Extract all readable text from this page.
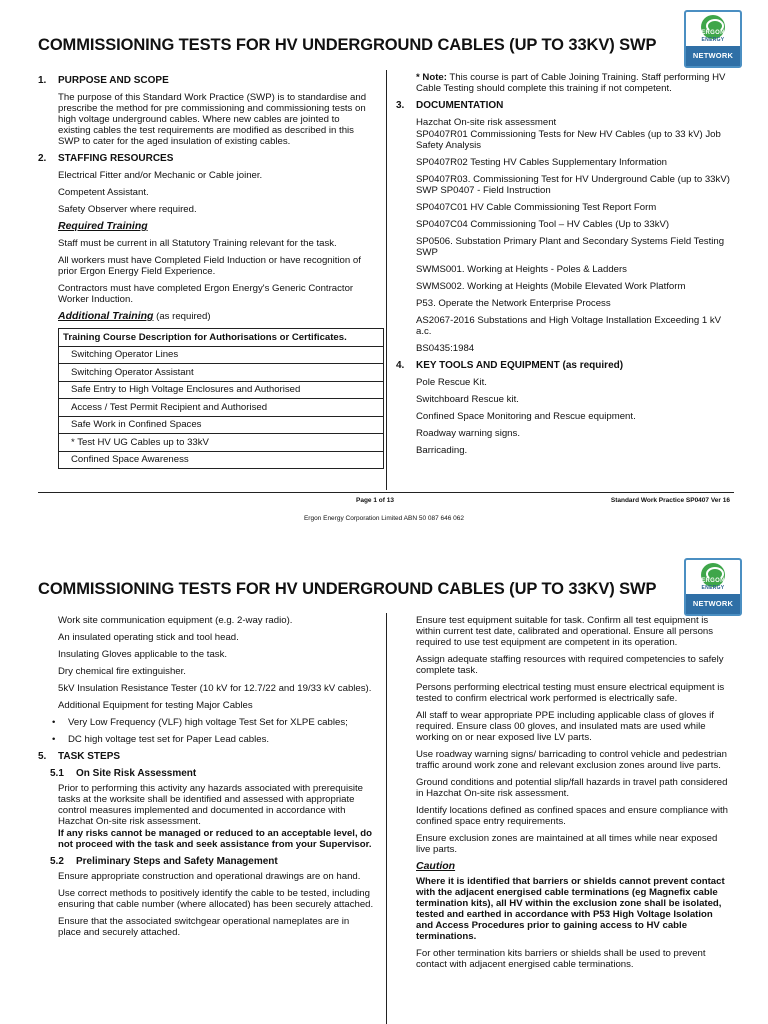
COMMISSIONING TESTS FOR HV UNDERGROUND CABLES (UP TO 33KV) SWP
ERGON
ENERGY
NETWORK
1. PURPOSE AND SCOPE

The purpose of this Standard Work Practice (SWP) is to standardise and prescribe the method for pre commissioning and commissioning tests on high voltage underground cables. Where new cables are jointed to existing cables the test requirements are modified as described in this SWP to cater for the aged insulation of existing cables.

2. STAFFING RESOURCES

Electrical Fitter and/or Mechanic or Cable joiner.

Competent Assistant.

Safety Observer where required.

Required Training

Staff must be current in all Statutory Training relevant for the task.

All workers must have Completed Field Induction or have recognition of prior Ergon Energy Field Experience.

Contractors must have completed Ergon Energy's Generic Contractor Worker Induction.

Additional Training (as required)

Training Course Description for Authorisations or Certificates.
Switching Operator Lines
Switching Operator Assistant
Safe Entry to High Voltage Enclosures and Authorised
Access / Test Permit Recipient and Authorised
Safe Work in Confined Spaces
* Test HV UG Cables up to 33kV
Confined Space Awareness

* Note: This course is part of Cable Joining Training. Staff performing HV Cable Testing should complete this training if not competent.

3. DOCUMENTATION

Hazchat On-site risk assessment

SP0407R01 Commissioning Tests for New HV Cables (up to 33 kV) Job Safety Analysis

SP0407R02 Testing HV Cables Supplementary Information

SP0407R03. Commissioning Test for HV Underground Cable (up to 33kV) SWP SP0407 - Field Instruction

SP0407C01 HV Cable Commissioning Test Report Form

SP0407C04 Commissioning Tool – HV Cables (Up to 33kV)

SP0506. Substation Primary Plant and Secondary Systems Field Testing SWP

SWMS001. Working at Heights - Poles & Ladders

SWMS002. Working at Heights (Mobile Elevated Work Platform

P53. Operate the Network Enterprise Process

AS2067-2016 Substations and High Voltage Installation Exceeding 1 kV a.c.

BS0435:1984

4. KEY TOOLS AND EQUIPMENT (as required)

Pole Rescue Kit.

Switchboard Rescue kit.

Confined Space Monitoring and Rescue equipment.

Roadway warning signs.

Barricading.

Page 1 of 13	Standard Work Practice SP0407 Ver 16
Ergon Energy Corporation Limited ABN 50 087 646 062
COMMISSIONING TESTS FOR HV UNDERGROUND CABLES (UP TO 33KV) SWP	ERGON
ENERGY
NETWORK

Work site communication equipment (e.g. 2-way radio).

An insulated operating stick and tool head.

Insulating Gloves applicable to the task.

Dry chemical fire extinguisher.

5kV Insulation Resistance Tester (10 kV for 12.7/22 and 19/33 kV cables).

Additional Equipment for testing Major Cables

• Very Low Frequency (VLF) high voltage Test Set for XLPE cables;
• DC high voltage test set for Paper Lead cables.
5. TASK STEPS
5.1 On Site Risk Assessment

Prior to performing this activity any hazards associated with prerequisite tasks at the worksite shall be identified and assessed with appropriate control measures implemented and documented in accordance with Hazchat On-site risk assessment.

If any risks cannot be managed or reduced to an acceptable level, do not proceed with the task and seek assistance from your Supervisor.

5.2 Preliminary Steps and Safety Management

Ensure appropriate construction and operational drawings are on hand.

Use correct methods to positively identify the cable to be tested, including ensuring that cable number (where allocated) has been securely attached.

Ensure that the associated switchgear operational nameplates are in place and securely attached.

Ensure test equipment suitable for task. Confirm all test equipment is within current test date, calibrated and operational. Ensure all persons required to use test equipment are competent in its operation.

Assign adequate staffing resources with required competencies to safely complete task.

Persons performing electrical testing must ensure electrical equipment is tested to confirm electrical work performed is electrically safe.

All staff to wear appropriate PPE including applicable class of gloves if required. Ensure class 00 gloves, and insulated mats are used while working on or near exposed live LV parts.

Use roadway warning signs/ barricading to control vehicle and pedestrian traffic around work zone and relevant exclusion zones around live parts.

Ground conditions and potential slip/fall hazards in travel path considered in Hazchat On-site risk assessment.

Identify locations defined as confined spaces and ensure compliance with confined space entry requirements.

Ensure exclusion zones are maintained at all times while near exposed live parts.

Caution

Where it is identified that barriers or shields cannot prevent contact with the adjacent energised cable terminations (eg Magnefix cable termination kits), all HV within the exclusion zone shall be isolated, tested and earthed in accordance with P53 High Voltage Isolation and Access Procedures prior to gaining access to HV cable terminations.

For other termination kits barriers or shields shall be used to prevent contact with adjacent energised cable terminations.
